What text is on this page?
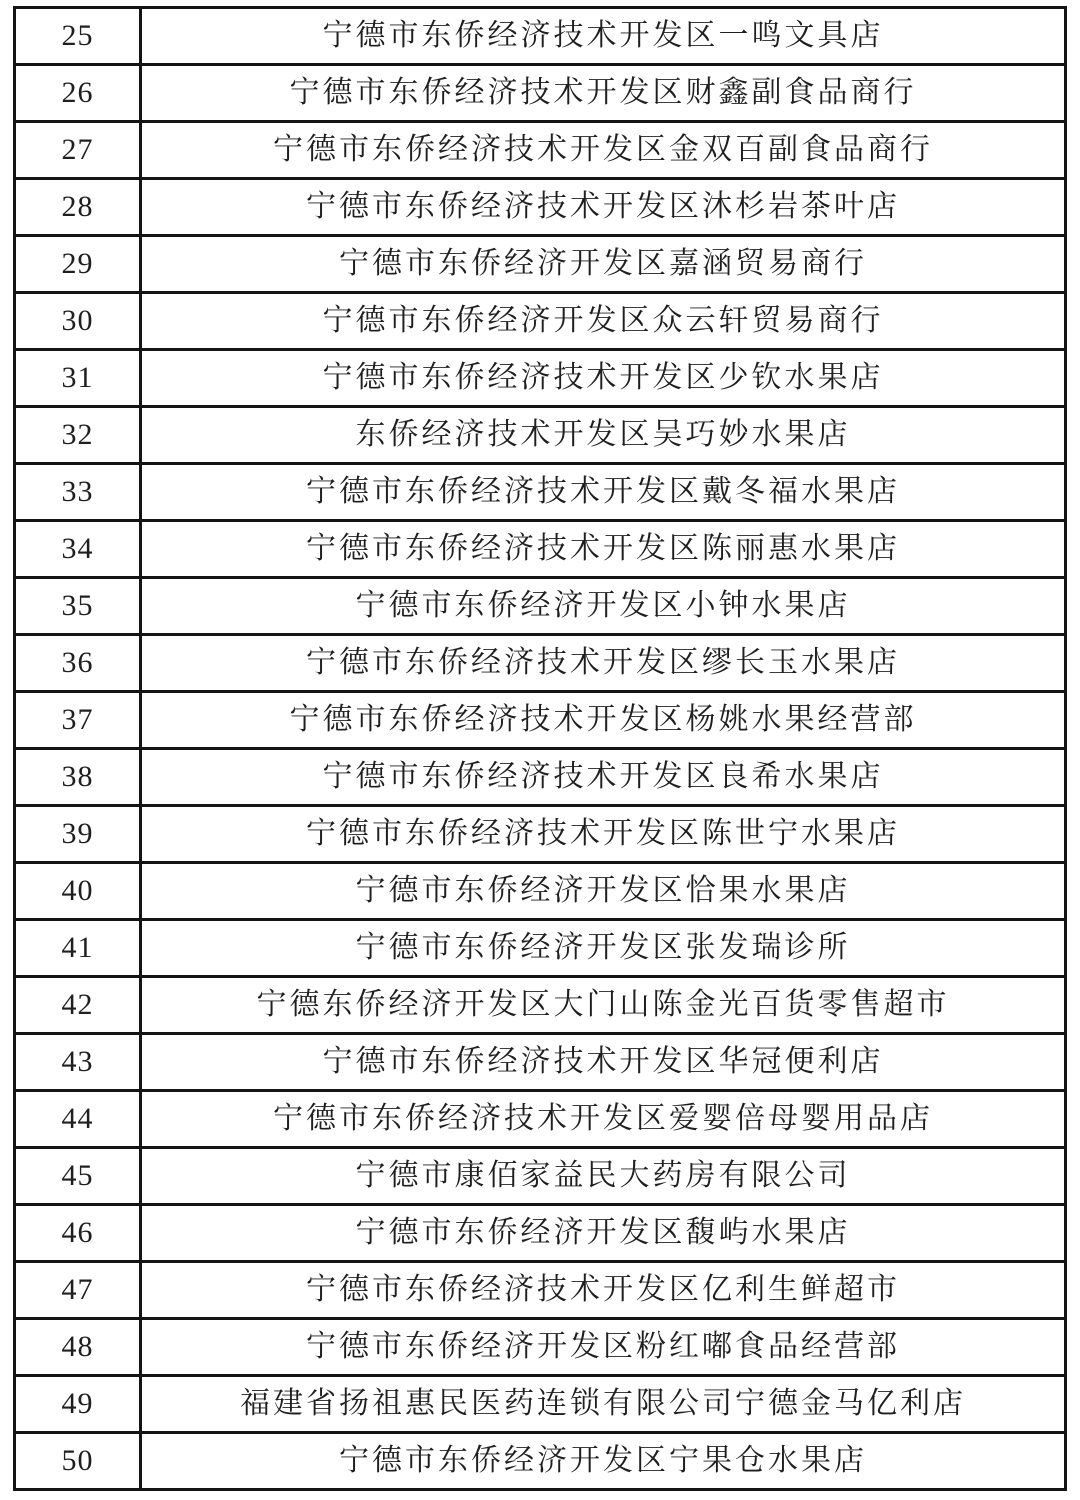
25	宁德市东侨经济技术开发区一鸣文具店
26	宁德市东侨经济技术开发区财鑫副食品商行
27	宁德市东侨经济技术开发区金双百副食品商行
28	宁德市东侨经济技术开发区沐杉岩茶叶店
29	宁德市东侨经济开发区嘉涵贸易商行
30	宁德市东侨经济开发区众云轩贸易商行
31	宁德市东侨经济技术开发区少钦水果店
32	东侨经济技术开发区吴巧妙水果店
33	宁德市东侨经济技术开发区戴冬福水果店
34	宁德市东侨经济技术开发区陈丽惠水果店
35	宁德市东侨经济开发区小钟水果店
36	宁德市东侨经济技术开发区缪长玉水果店
37	宁德市东侨经济技术开发区杨姚水果经营部
38	宁德市东侨经济技术开发区良希水果店
39	宁德市东侨经济技术开发区陈世宁水果店
40	宁德市东侨经济开发区恰果水果店
41	宁德市东侨经济开发区张发瑞诊所
42	宁德东侨经济开发区大门山陈金光百货零售超市
43	宁德市东侨经济技术开发区华冠便利店
44	宁德市东侨经济技术开发区爱婴倍母婴用品店
45	宁德市康佰家益民大药房有限公司
46	宁德市东侨经济开发区馥屿水果店
47	宁德市东侨经济技术开发区亿利生鲜超市
48	宁德市东侨经济开发区粉红嘟食品经营部
49	福建省扬祖惠民医药连锁有限公司宁德金马亿利店
50	宁德市东侨经济开发区宁果仓水果店
